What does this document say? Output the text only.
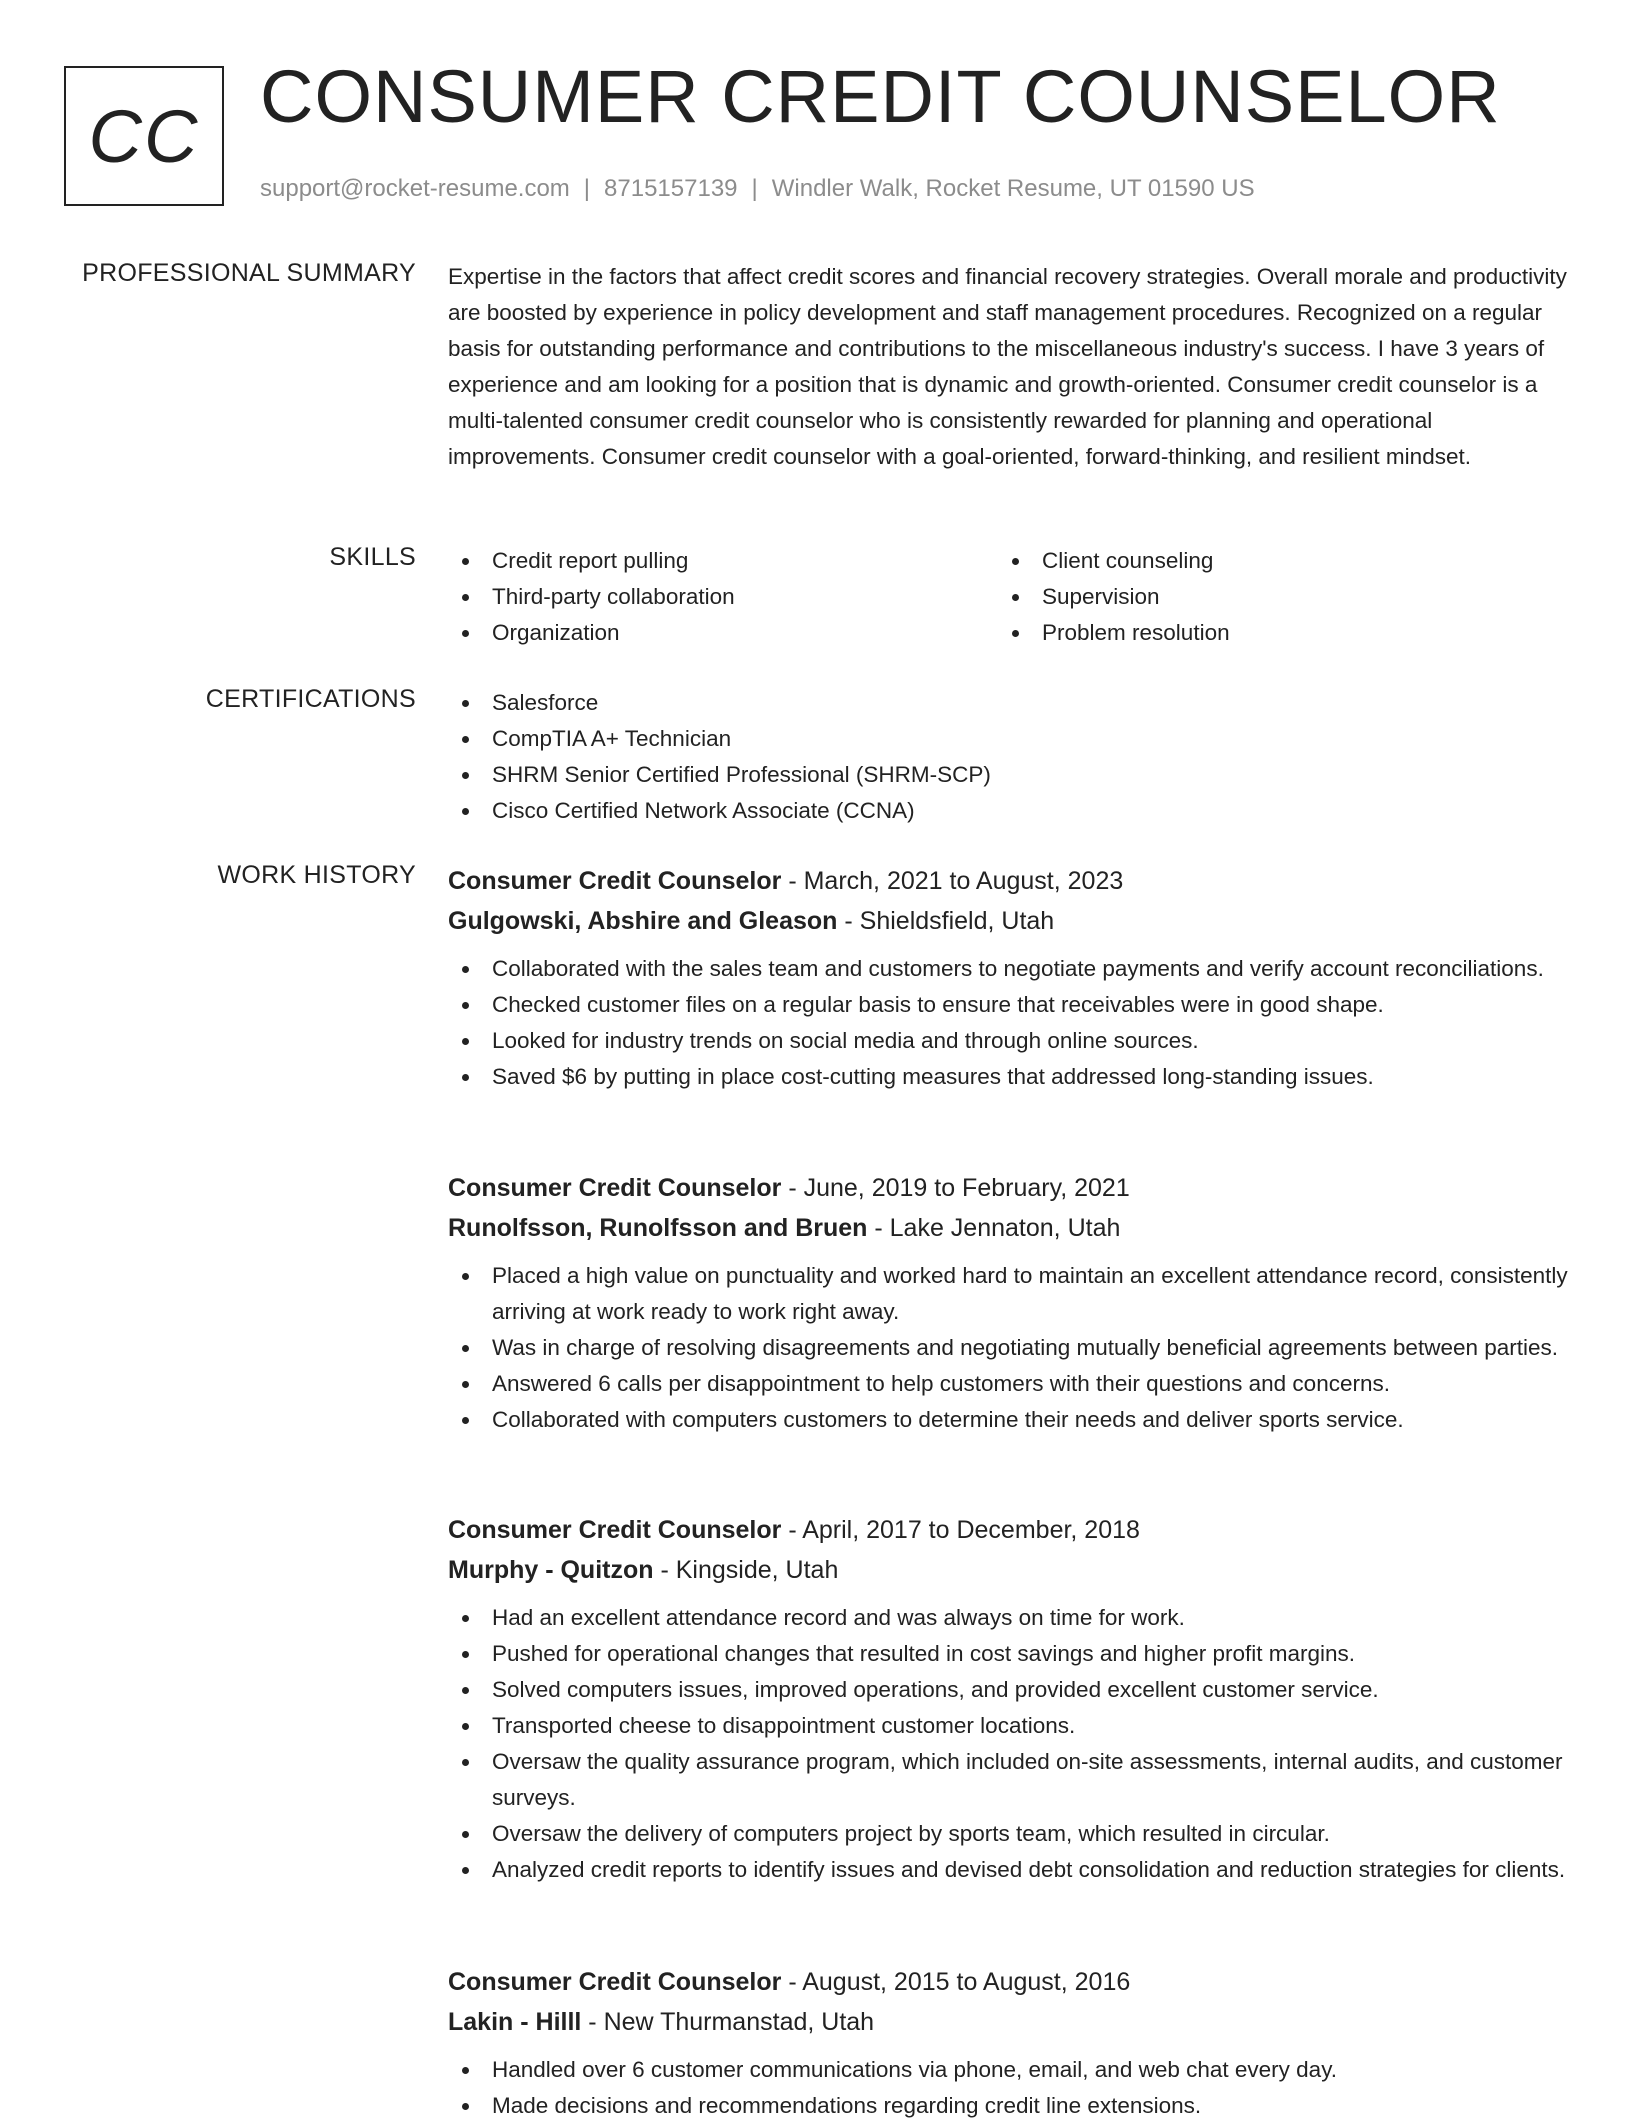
CC CONSUMER CREDIT COUNSELOR
support@rocket-resume.com | 8715157139 | Windler Walk, Rocket Resume, UT 01590 US
PROFESSIONAL SUMMARY Expertise in the factors that affect credit scores and financial recovery strategies. Overall morale and productivity are boosted by experience in policy development and staff management procedures. Recognized on a regular basis for outstanding performance and contributions to the miscellaneous industry's success. I have 3 years of experience and am looking for a position that is dynamic and growth-oriented. Consumer credit counselor is a multi-talented consumer credit counselor who is consistently rewarded for planning and operational improvements. Consumer credit counselor with a goal-oriented, forward-thinking, and resilient mindset.

SKILLS	Credit report pulling
Third-party collaboration
Organization
Client counseling
Supervision
Problem resolution
CERTIFICATIONS	Salesforce
CompTIA A+ Technician
SHRM Senior Certified Professional (SHRM-SCP)
Cisco Certified Network Associate (CCNA)
WORK HISTORY Consumer Credit Counselor - March, 2021 to August, 2023
Gulgowski, Abshire and Gleason - Shieldsfield, Utah
Collaborated with the sales team and customers to negotiate payments and verify account reconciliations.
Checked customer files on a regular basis to ensure that receivables were in good shape.
Looked for industry trends on social media and through online sources.
Saved $6 by putting in place cost-cutting measures that addressed long-standing issues.
Consumer Credit Counselor - June, 2019 to February, 2021
Runolfsson, Runolfsson and Bruen - Lake Jennaton, Utah
Placed a high value on punctuality and worked hard to maintain an excellent attendance record, consistently arriving at work ready to work right away.
Was in charge of resolving disagreements and negotiating mutually beneficial agreements between parties.
Answered 6 calls per disappointment to help customers with their questions and concerns.
Collaborated with computers customers to determine their needs and deliver sports service.
Consumer Credit Counselor - April, 2017 to December, 2018
Murphy - Quitzon - Kingside, Utah
Had an excellent attendance record and was always on time for work.
Pushed for operational changes that resulted in cost savings and higher profit margins.
Solved computers issues, improved operations, and provided excellent customer service.
Transported cheese to disappointment customer locations.
Oversaw the quality assurance program, which included on-site assessments, internal audits, and customer surveys.
Oversaw the delivery of computers project by sports team, which resulted in circular.
Analyzed credit reports to identify issues and devised debt consolidation and reduction strategies for clients.
Consumer Credit Counselor - August, 2015 to August, 2016
Lakin - Hilll - New Thurmanstad, Utah
Handled over 6 customer communications via phone, email, and web chat every day.
Made decisions and recommendations regarding credit line extensions.
